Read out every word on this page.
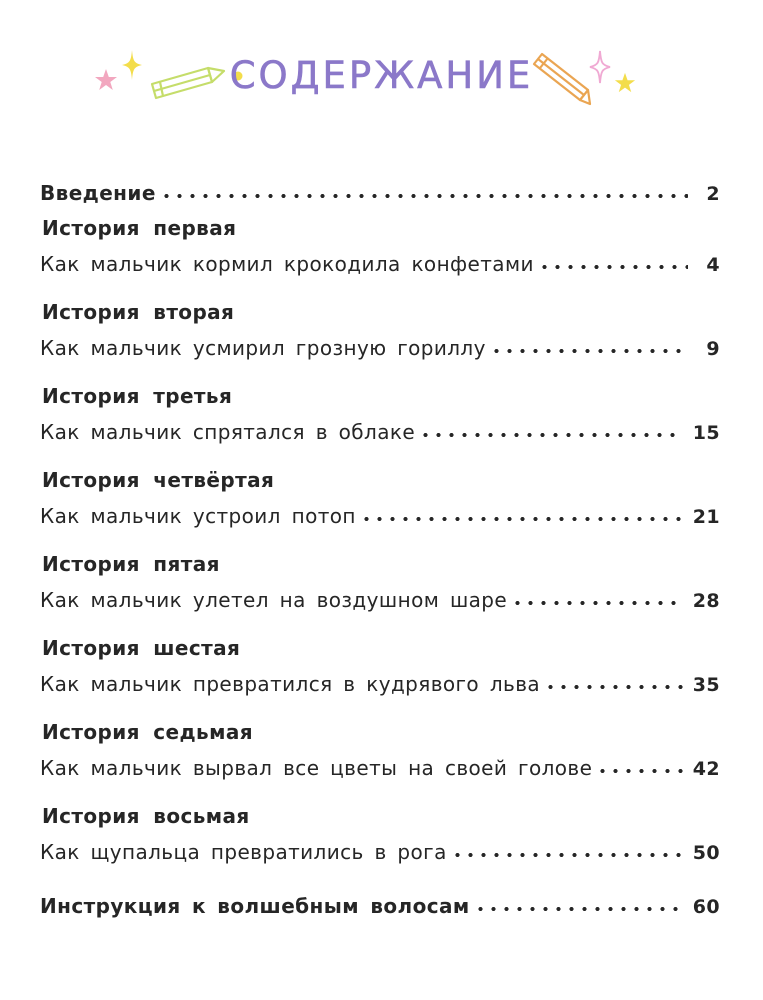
СОДЕРЖАНИЕ
Введение	2
История первая
Как мальчик кормил крокодила конфетами	4
История вторая
Как мальчик усмирил грозную гориллу	9
История третья
Как мальчик спрятался в облаке	15
История четвёртая
Как мальчик устроил потоп	21
История пятая
Как мальчик улетел на воздушном шаре	28
История шестая
Как мальчик превратился в кудрявого льва	35
История седьмая
Как мальчик вырвал все цветы на своей голове	42
История восьмая
Как щупальца превратились в рога	50
Инструкция к волшебным волосам	60
